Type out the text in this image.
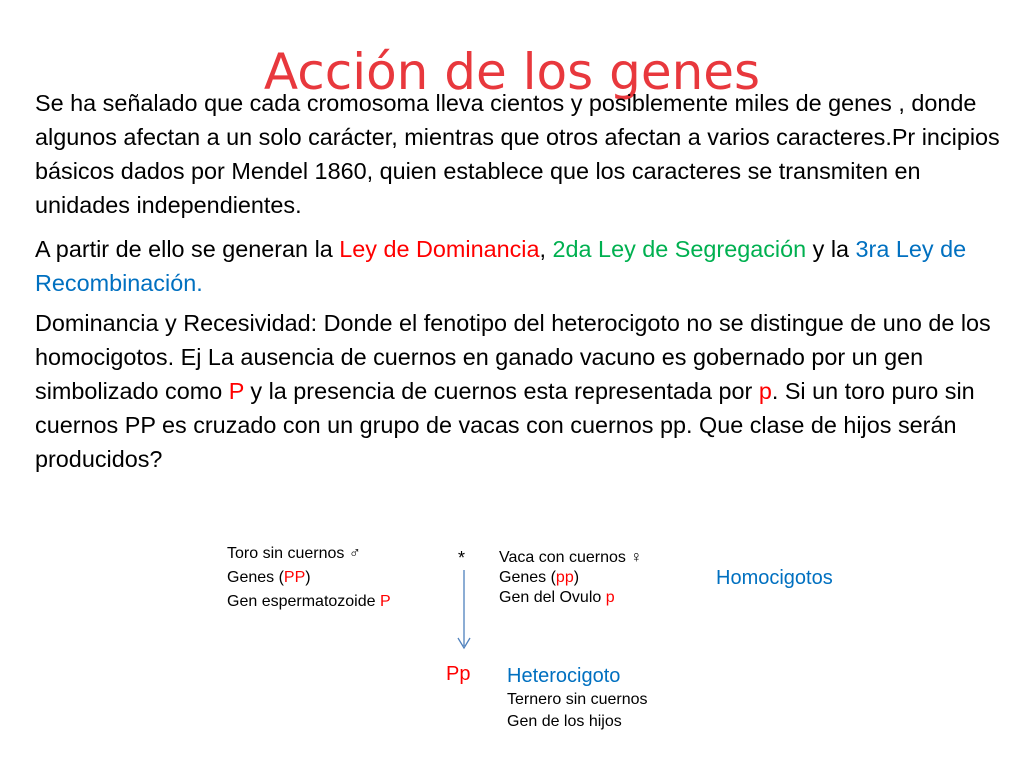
Acción de los genes

Se ha señalado que cada cromosoma lleva cientos y posiblemente miles de genes , donde algunos afectan a un solo carácter, mientras que otros afectan a varios caracteres.Pr incipios básicos dados por Mendel 1860, quien establece que los caracteres se transmiten en unidades independientes.

A partir de ello se generan la Ley de Dominancia, 2da Ley de Segregación y la 3ra Ley de Recombinación.

Dominancia y Recesividad: Donde el fenotipo del heterocigoto no se distingue de uno de los homocigotos. Ej La ausencia de cuernos en ganado vacuno es gobernado por un gen simbolizado como P y la presencia de cuernos esta representada por p. Si un toro puro sin cuernos PP es cruzado con un grupo de vacas con cuernos pp. Que clase de hijos serán producidos?

Toro sin cuernos ♂
Genes (PP)
Gen espermatozoide P
* Vaca con cuernos ♀
Genes (pp)
Gen del Ovulo p
Homocigotos
Pp Heterocigoto
Ternero sin cuernos
Gen de los hijos
